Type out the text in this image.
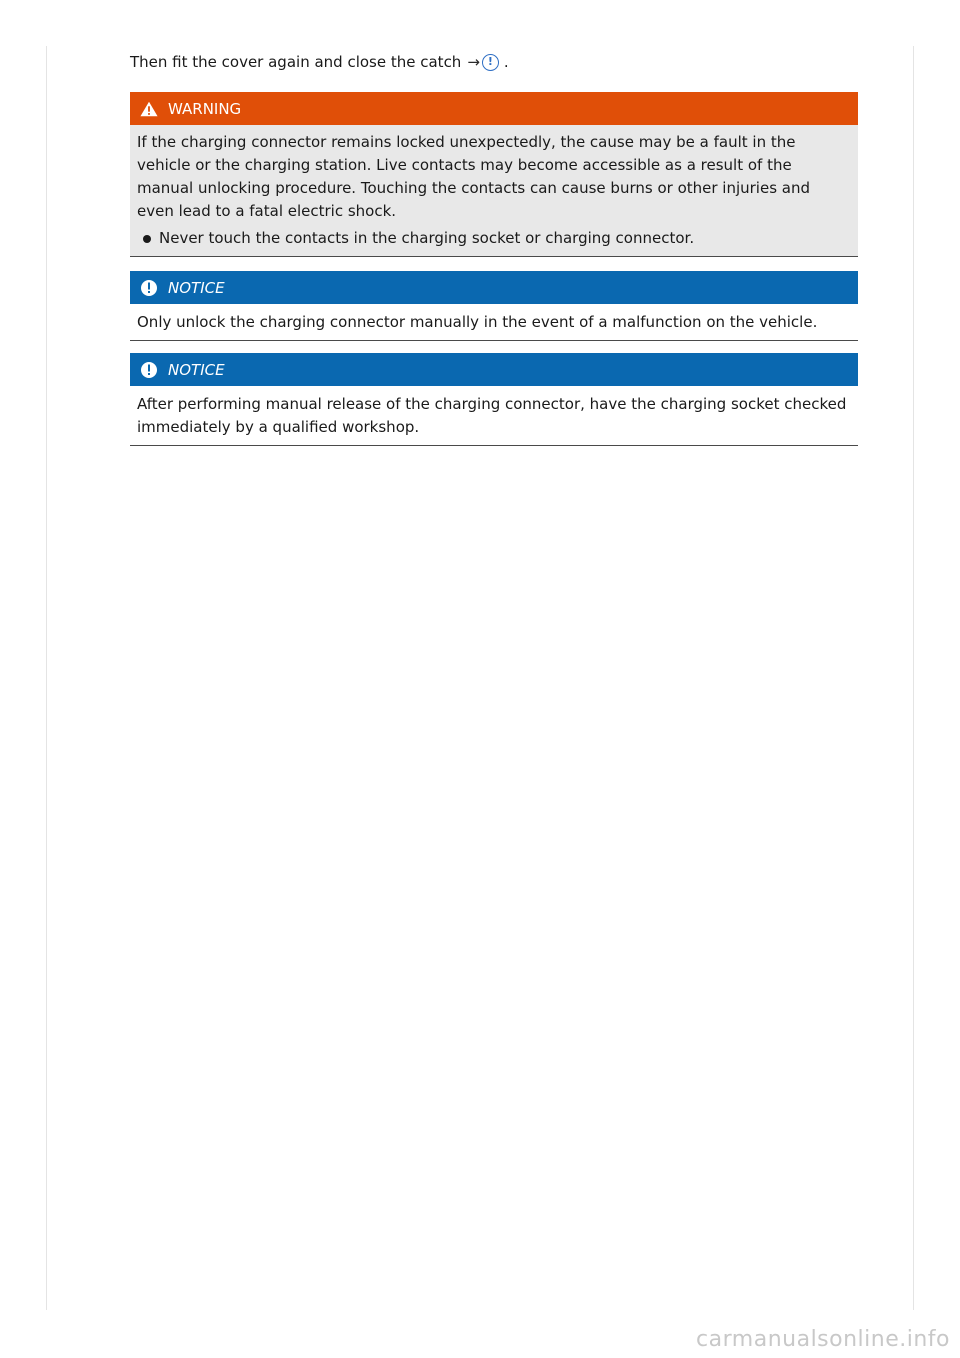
Then fit the cover again and close the catch → ! .
WARNING

If the charging connector remains locked unexpectedly, the cause may be a fault in the vehicle or the charging station. Live contacts may become accessible as a result of the manual unlocking procedure. Touching the contacts can cause burns or other injuries and even lead to a fatal electric shock.

Never touch the contacts in the charging socket or charging connector.
NOTICE

Only unlock the charging connector manually in the event of a malfunction on the vehicle.

NOTICE

After performing manual release of the charging connector, have the charging socket checked immediately by a qualified workshop.

carmanualsonline.info
